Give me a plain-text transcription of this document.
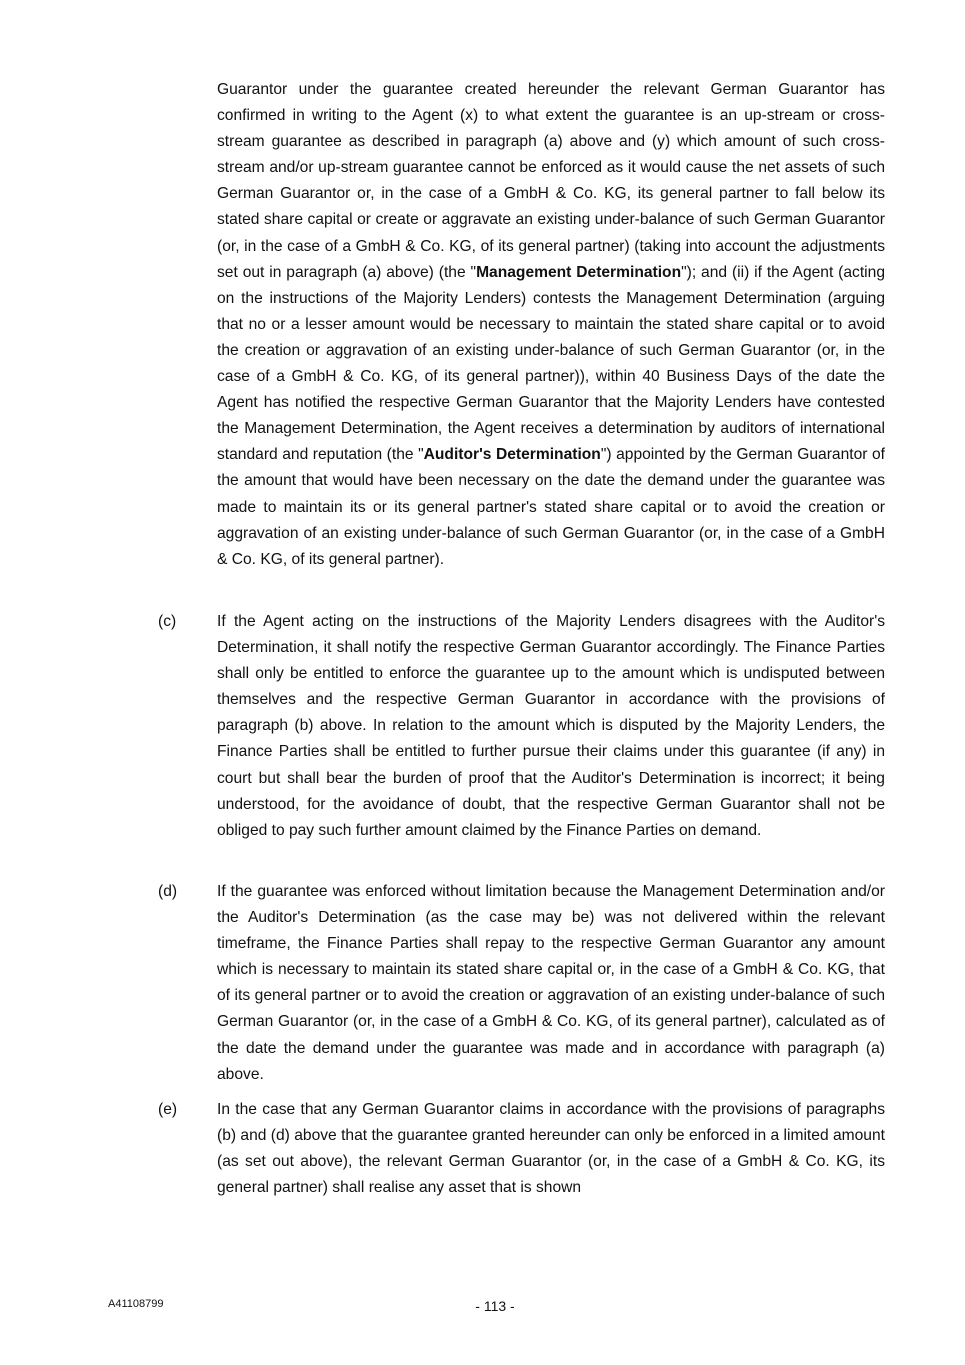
Guarantor under the guarantee created hereunder the relevant German Guarantor has confirmed in writing to the Agent (x) to what extent the guarantee is an up-stream or cross-stream guarantee as described in paragraph (a) above and (y) which amount of such cross-stream and/or up-stream guarantee cannot be enforced as it would cause the net assets of such German Guarantor or, in the case of a GmbH & Co. KG, its general partner to fall below its stated share capital or create or aggravate an existing under-balance of such German Guarantor (or, in the case of a GmbH & Co. KG, of its general partner) (taking into account the adjustments set out in paragraph (a) above) (the "Management Determination"); and (ii) if the Agent (acting on the instructions of the Majority Lenders) contests the Management Determination (arguing that no or a lesser amount would be necessary to maintain the stated share capital or to avoid the creation or aggravation of an existing under-balance of such German Guarantor (or, in the case of a GmbH & Co. KG, of its general partner)), within 40 Business Days of the date the Agent has notified the respective German Guarantor that the Majority Lenders have contested the Management Determination, the Agent receives a determination by auditors of international standard and reputation (the "Auditor's Determination") appointed by the German Guarantor of the amount that would have been necessary on the date the demand under the guarantee was made to maintain its or its general partner's stated share capital or to avoid the creation or aggravation of an existing under-balance of such German Guarantor (or, in the case of a GmbH & Co. KG, of its general partner).
(c)	If the Agent acting on the instructions of the Majority Lenders disagrees with the Auditor's Determination, it shall notify the respective German Guarantor accordingly. The Finance Parties shall only be entitled to enforce the guarantee up to the amount which is undisputed between themselves and the respective German Guarantor in accordance with the provisions of paragraph (b) above. In relation to the amount which is disputed by the Majority Lenders, the Finance Parties shall be entitled to further pursue their claims under this guarantee (if any) in court but shall bear the burden of proof that the Auditor's Determination is incorrect; it being understood, for the avoidance of doubt, that the respective German Guarantor shall not be obliged to pay such further amount claimed by the Finance Parties on demand.
(d)	If the guarantee was enforced without limitation because the Management Determination and/or the Auditor's Determination (as the case may be) was not delivered within the relevant timeframe, the Finance Parties shall repay to the respective German Guarantor any amount which is necessary to maintain its stated share capital or, in the case of a GmbH & Co. KG, that of its general partner or to avoid the creation or aggravation of an existing under-balance of such German Guarantor (or, in the case of a GmbH & Co. KG, of its general partner), calculated as of the date the demand under the guarantee was made and in accordance with paragraph (a) above.
(e)	In the case that any German Guarantor claims in accordance with the provisions of paragraphs (b) and (d) above that the guarantee granted hereunder can only be enforced in a limited amount (as set out above), the relevant German Guarantor (or, in the case of a GmbH & Co. KG, its general partner) shall realise any asset that is shown
A41108799	- 113 -
